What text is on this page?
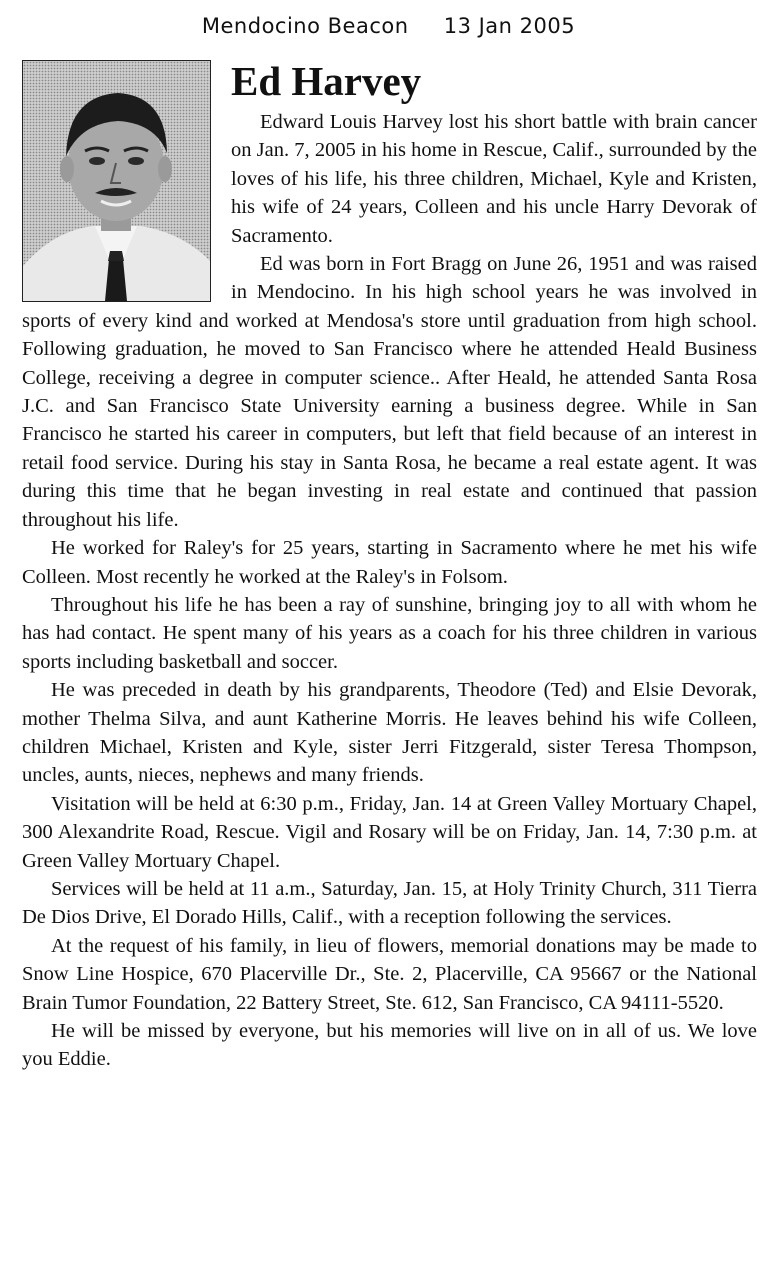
Mendocino Beacon 13 Jan 2005
Ed Harvey

Edward Louis Harvey lost his short battle with brain cancer on Jan. 7, 2005 in his home in Rescue, Calif., surrounded by the loves of his life, his three children, Michael, Kyle and Kristen, his wife of 24 years, Colleen and his uncle Harry Devorak of Sacramento.

Ed was born in Fort Bragg on June 26, 1951 and was raised in Mendocino. In his high school years he was involved in sports of every kind and worked at Mendosa's store until graduation from high school. Following graduation, he moved to San Francisco where he attended Heald Business College, receiving a degree in computer science.. After Heald, he attended Santa Rosa J.C. and San Francisco State University earning a business degree. While in San Francisco he started his career in computers, but left that field because of an interest in retail food service. During his stay in Santa Rosa, he became a real estate agent. It was during this time that he began investing in real estate and continued that passion throughout his life.

He worked for Raley's for 25 years, starting in Sacramento where he met his wife Colleen. Most recently he worked at the Raley's in Folsom.

Throughout his life he has been a ray of sunshine, bringing joy to all with whom he has had contact. He spent many of his years as a coach for his three children in various sports including basketball and soccer.

He was preceded in death by his grandparents, Theodore (Ted) and Elsie Devorak, mother Thelma Silva, and aunt Katherine Morris. He leaves behind his wife Colleen, children Michael, Kristen and Kyle, sister Jerri Fitzgerald, sister Teresa Thompson, uncles, aunts, nieces, nephews and many friends.

Visitation will be held at 6:30 p.m., Friday, Jan. 14 at Green Valley Mortuary Chapel, 300 Alexandrite Road, Rescue. Vigil and Rosary will be on Friday, Jan. 14, 7:30 p.m. at Green Valley Mortuary Chapel.

Services will be held at 11 a.m., Saturday, Jan. 15, at Holy Trinity Church, 311 Tierra De Dios Drive, El Dorado Hills, Calif., with a reception following the services.

At the request of his family, in lieu of flowers, memorial donations may be made to Snow Line Hospice, 670 Placerville Dr., Ste. 2, Placerville, CA 95667 or the National Brain Tumor Foundation, 22 Battery Street, Ste. 612, San Francisco, CA 94111-5520.

He will be missed by everyone, but his memories will live on in all of us. We love you Eddie.
